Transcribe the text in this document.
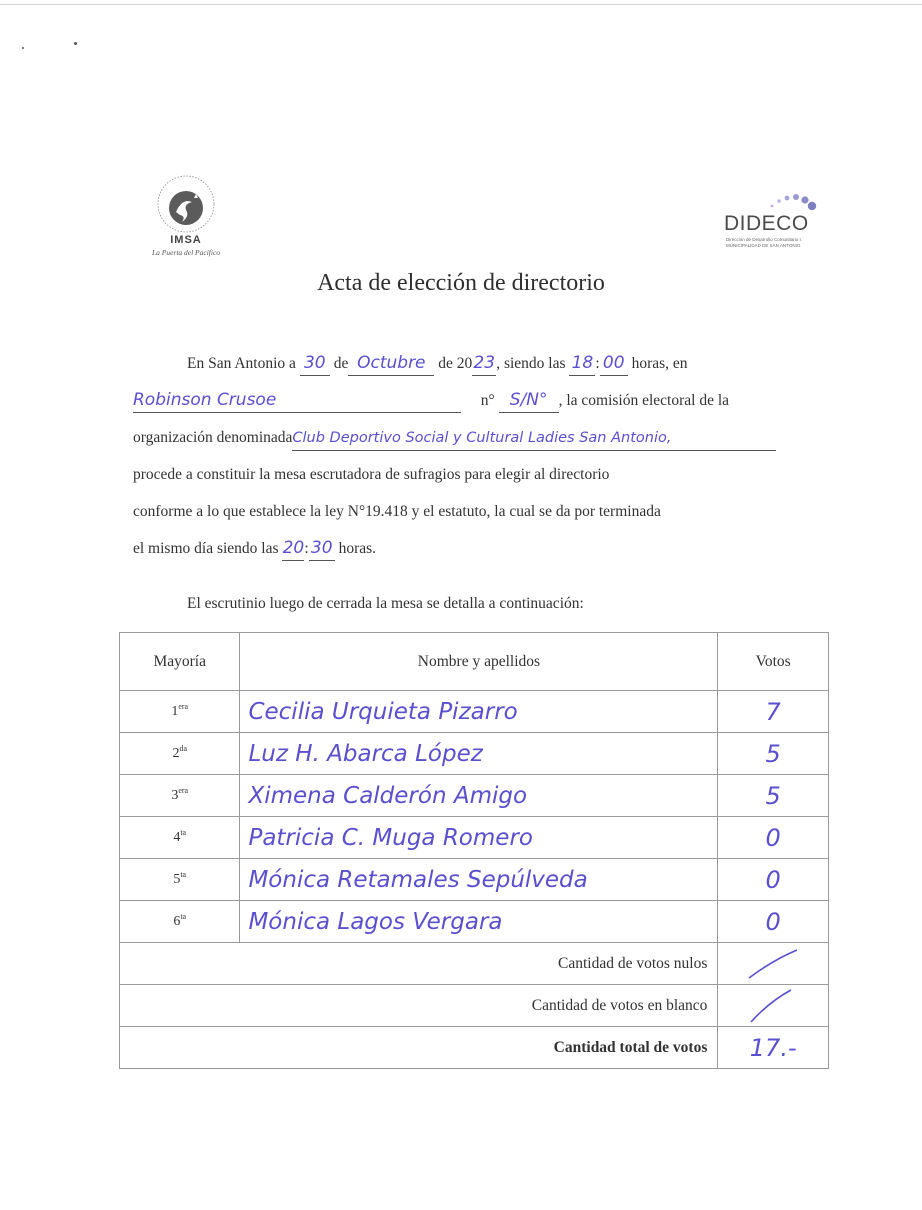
IMSA
La Puerta del Pacífico
DIDECO
Dirección de Desarrollo Comunitario I. MUNICIPALIDAD DE SAN ANTONIO
Acta de elección de directorio
En San Antonio a 30 de Octubre de 2023, siendo las 18 : 00 horas, en
Robinson Crusoe	n° S/N° , la comisión electoral de la
organización denominadaClub Deportivo Social y Cultural Ladies San Antonio,
procede a constituir la mesa escrutadora de sufragios para elegir al directorio
conforme a lo que establece la ley N°19.418 y el estatuto, la cual se da por terminada
el mismo día siendo las 20: 30 horas.
El escrutinio luego de cerrada la mesa se detalla a continuación:
Mayoría	Nombre y apellidos	Votos
$1^{era}$	Cecilia Urquieta Pizarro	7
$2^{da}$	Luz H. Abarca López	5
$3^{era}$	Ximena Calderón Amigo	5
$4^{ta}$	Patricia C. Muga Romero	0
$5^{ta}$	Mónica Retamales Sepúlveda	0
$6^{ta}$	Mónica Lagos Vergara	0
Cantidad de votos nulos	

Cantidad de votos en blanco	

Cantidad total de votos		17.-
